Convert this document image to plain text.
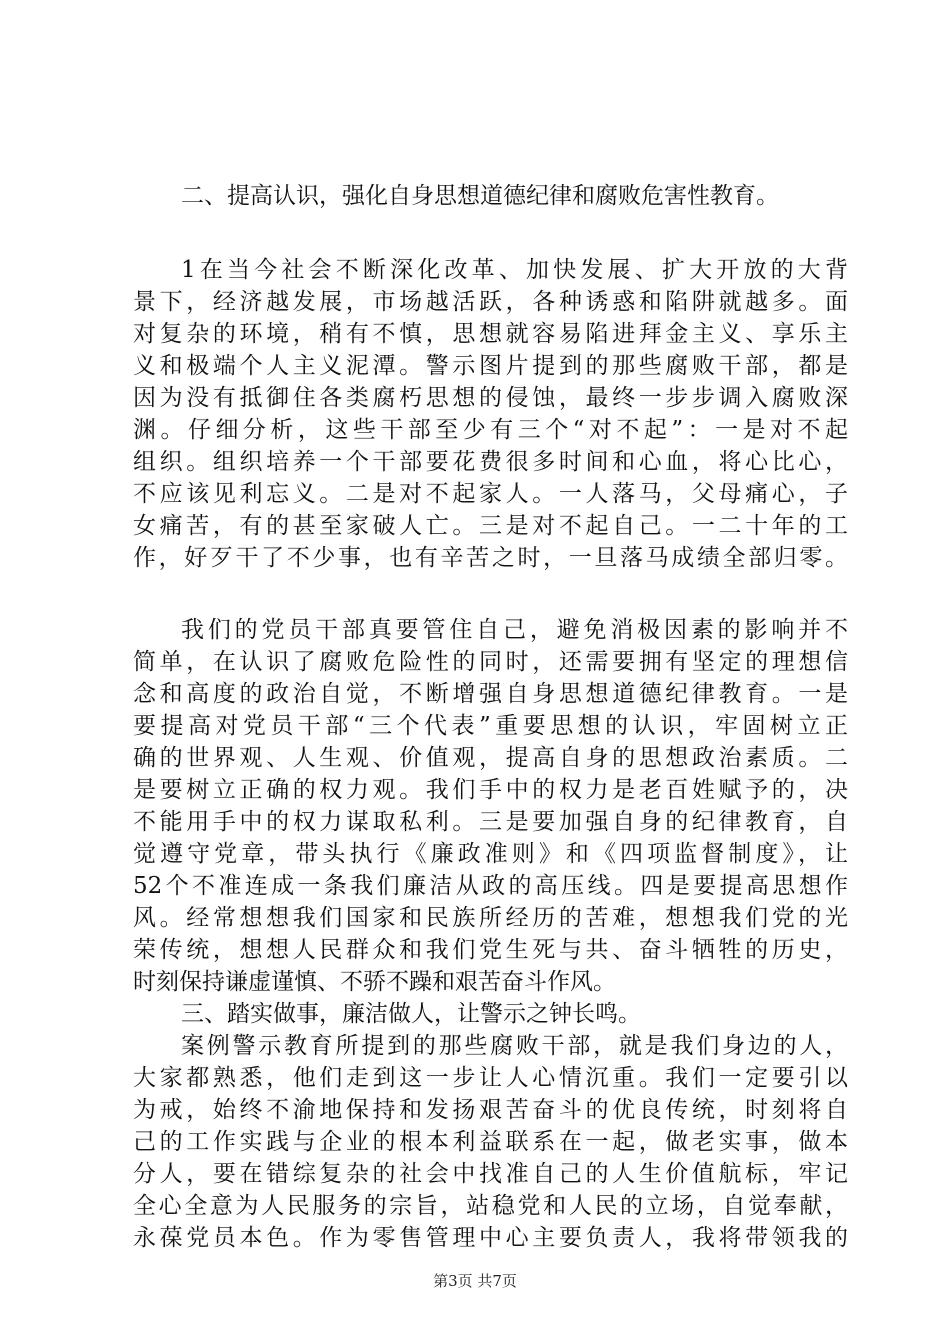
二、提高认识，强化自身思想道德纪律和腐败危害性教育。
1在当今社会不断深化改革、加快发展、扩大开放的大背
景下，经济越发展，市场越活跃，各种诱惑和陷阱就越多。面
对复杂的环境，稍有不慎，思想就容易陷进拜金主义、享乐主
义和极端个人主义泥潭。警示图片提到的那些腐败干部，都是
因为没有抵御住各类腐朽思想的侵蚀，最终一步步调入腐败深
渊。仔细分析，这些干部至少有三个“对不起”：一是对不起
组织。组织培养一个干部要花费很多时间和心血，将心比心，
不应该见利忘义。二是对不起家人。一人落马，父母痛心，子
女痛苦，有的甚至家破人亡。三是对不起自己。一二十年的工
作，好歹干了不少事，也有辛苦之时，一旦落马成绩全部归零。
我们的党员干部真要管住自己，避免消极因素的影响并不
简单，在认识了腐败危险性的同时，还需要拥有坚定的理想信
念和高度的政治自觉，不断增强自身思想道德纪律教育。一是
要提高对党员干部“三个代表”重要思想的认识，牢固树立正
确的世界观、人生观、价值观，提高自身的思想政治素质。二
是要树立正确的权力观。我们手中的权力是老百姓赋予的，决
不能用手中的权力谋取私利。三是要加强自身的纪律教育，自
觉遵守党章，带头执行《廉政准则》和《四项监督制度》，让
52个不准连成一条我们廉洁从政的高压线。四是要提高思想作
风。经常想想我们国家和民族所经历的苦难，想想我们党的光
荣传统，想想人民群众和我们党生死与共、奋斗牺牲的历史，
时刻保持谦虚谨慎、不骄不躁和艰苦奋斗作风。
三、踏实做事，廉洁做人，让警示之钟长鸣。
案例警示教育所提到的那些腐败干部，就是我们身边的人，
大家都熟悉，他们走到这一步让人心情沉重。我们一定要引以
为戒，始终不渝地保持和发扬艰苦奋斗的优良传统，时刻将自
己的工作实践与企业的根本利益联系在一起，做老实事，做本
分人，要在错综复杂的社会中找准自己的人生价值航标，牢记
全心全意为人民服务的宗旨，站稳党和人民的立场，自觉奉献，
永葆党员本色。作为零售管理中心主要负责人，我将带领我的
第3页 共7页
